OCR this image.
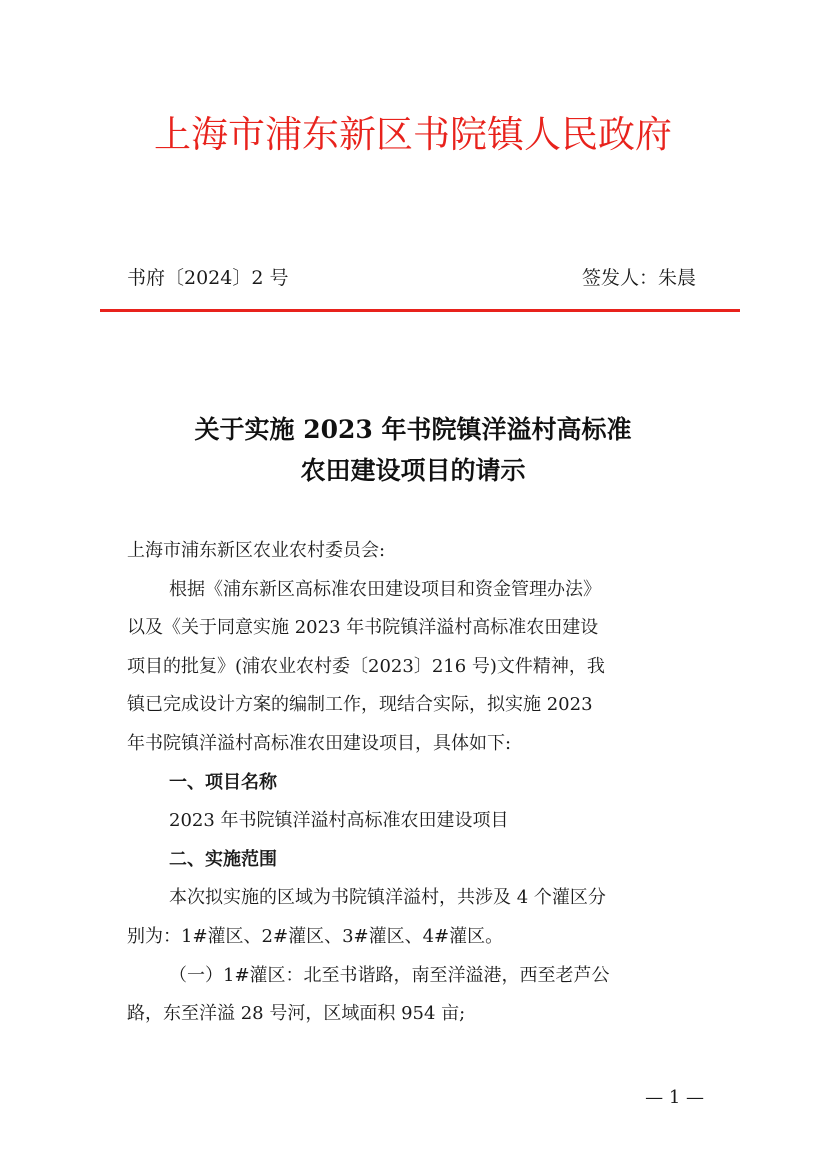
上海市浦东新区书院镇人民政府
书府〔2024〕2 号	签发人：朱晨
关于实施 2023 年书院镇洋溢村高标准
农田建设项目的请示

上海市浦东新区农业农村委员会:

根据《浦东新区高标准农田建设项目和资金管理办法》

以及《关于同意实施 2023 年书院镇洋溢村高标准农田建设

项目的批复》(浦农业农村委〔2023〕216 号)文件精神，我

镇已完成设计方案的编制工作，现结合实际，拟实施 2023

年书院镇洋溢村高标准农田建设项目，具体如下:

一、项目名称

2023 年书院镇洋溢村高标准农田建设项目

二、实施范围

本次拟实施的区域为书院镇洋溢村，共涉及 4 个灌区分

别为：1#灌区、2#灌区、3#灌区、4#灌区。

（一）1#灌区：北至书谐路，南至洋溢港，西至老芦公

路，东至洋溢 28 号河，区域面积 954 亩;

— 1 —
